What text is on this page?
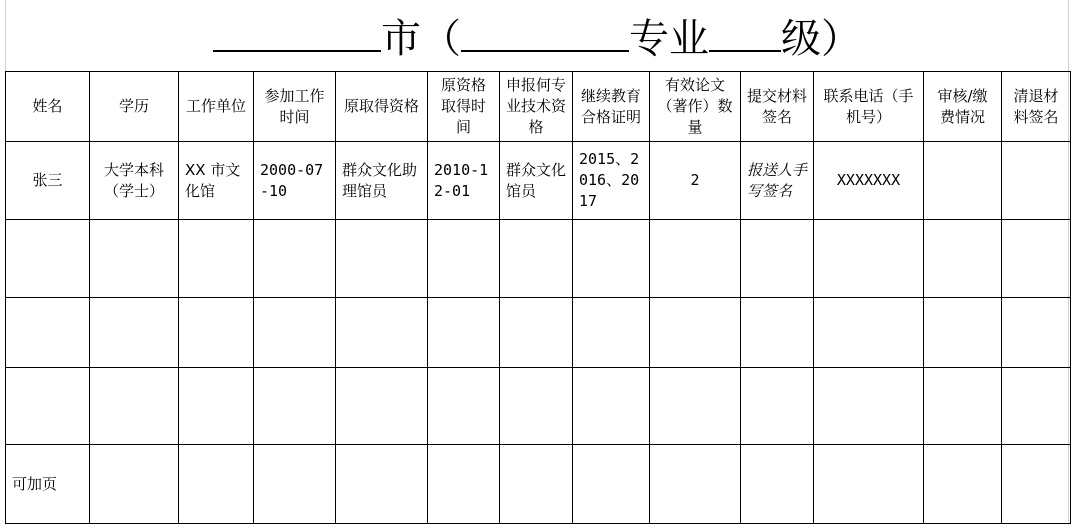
市（	专业 级）
姓名	学历	工作单位	参加工作时间	原取得资格	原资格取得时间	申报何专业技术资格	继续教育合格证明	有效论文（著作）数量	提交材料签名	联系电话（手机号）	审核/缴费情况	清退材料签名
张三	大学本科（学士）	XX 市文化馆	2000-07-10	群众文化助理馆员	2010-12-01	群众文化馆员	2015、2016、2017	2	报送人手写签名	XXXXXXX		

可加页												
